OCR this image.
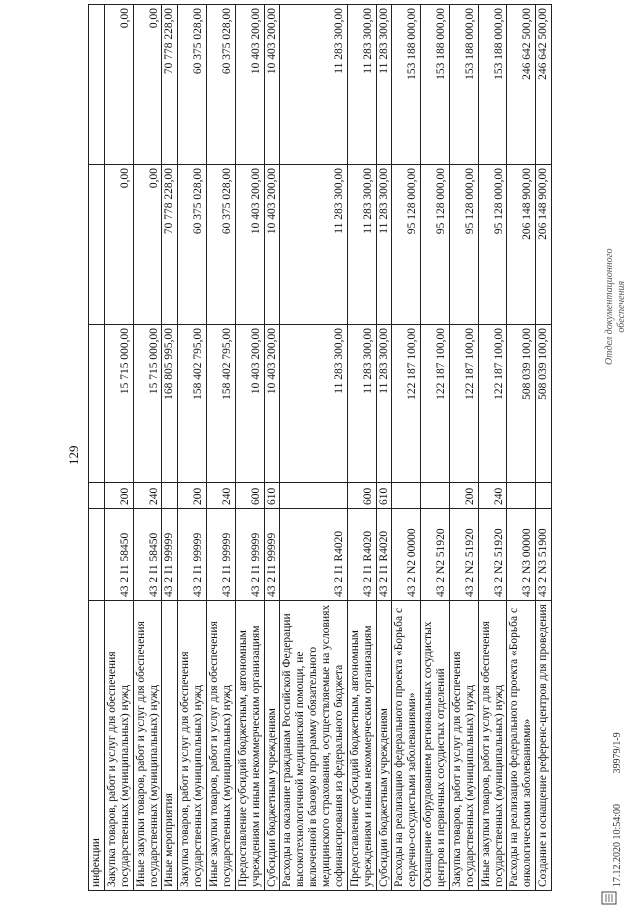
129
инфекции					
Закупка товаров, работ и услуг для обеспечения государственных (муниципальных) нужд	43 2 I1 58450	200	15 715 000,00	0,00	0,00
Иные закупки товаров, работ и услуг для обеспечения государственных (муниципальных) нужд	43 2 I1 58450	240	15 715 000,00	0,00	0,00
Иные мероприятия	43 2 I1 99999		168 805 995,00	70 778 228,00	70 778 228,00
Закупка товаров, работ и услуг для обеспечения государственных (муниципальных) нужд	43 2 I1 99999	200	158 402 795,00	60 375 028,00	60 375 028,00
Иные закупки товаров, работ и услуг для обеспечения государственных (муниципальных) нужд	43 2 I1 99999	240	158 402 795,00	60 375 028,00	60 375 028,00
Предоставление субсидий бюджетным, автономным учреждениям и иным некоммерческим организациям	43 2 I1 99999	600	10 403 200,00	10 403 200,00	10 403 200,00
Субсидии бюджетным учреждениям	43 2 I1 99999	610	10 403 200,00	10 403 200,00	10 403 200,00
Расходы на оказание гражданам Российской Федерации высокотехнологичной медицинской помощи, не включенной в базовую программу обязательного медицинского страхования, осуществляемые на условиях софинансирования из федерального бюджета	43 2 I1 R4020		11 283 300,00	11 283 300,00	11 283 300,00
Предоставление субсидий бюджетным, автономным учреждениям и иным некоммерческим организациям	43 2 I1 R4020	600	11 283 300,00	11 283 300,00	11 283 300,00
Субсидии бюджетным учреждениям	43 2 I1 R4020	610	11 283 300,00	11 283 300,00	11 283 300,00
Расходы на реализацию федерального проекта «Борьба с сердечно-сосудистыми заболеваниями»	43 2 N2 00000		122 187 100,00	95 128 000,00	153 188 000,00
Оснащение оборудованием региональных сосудистых центров и первичных сосудистых отделений	43 2 N2 51920		122 187 100,00	95 128 000,00	153 188 000,00
Закупка товаров, работ и услуг для обеспечения государственных (муниципальных) нужд	43 2 N2 51920	200	122 187 100,00	95 128 000,00	153 188 000,00
Иные закупки товаров, работ и услуг для обеспечения государственных (муниципальных) нужд	43 2 N2 51920	240	122 187 100,00	95 128 000,00	153 188 000,00
Расходы на реализацию федерального проекта «Борьба с онкологическими заболеваниями»	43 2 N3 00000		508 039 100,00	206 148 900,00	246 642 500,00
Создание и оснащение референс-центров для проведения	43 2 N3 51900		508 039 100,00	206 148 900,00	246 642 500,00
17.12.2020 10:54:00 39979/1-9
Отдел документационного обеспечения
